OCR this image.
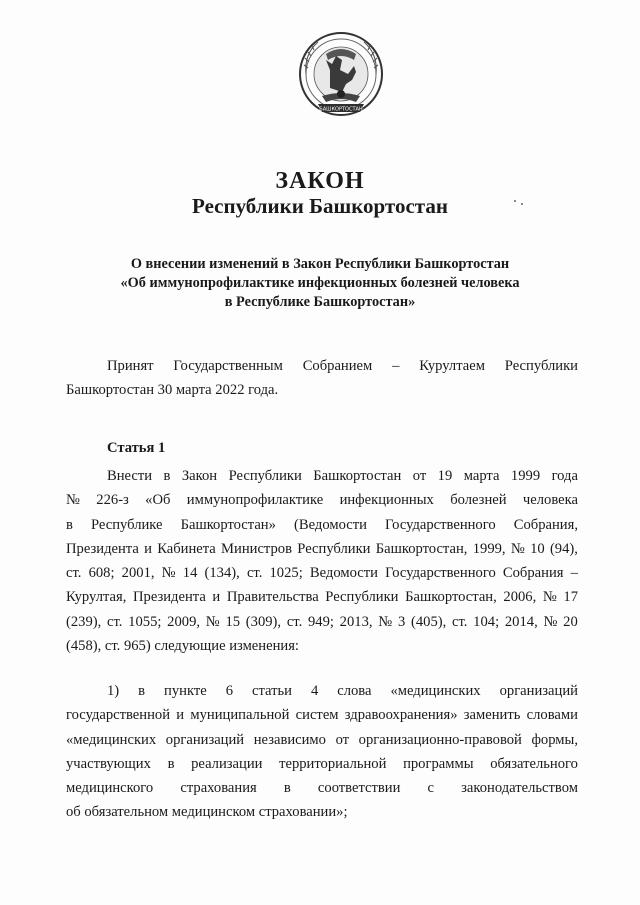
БАШКОРТОСТАН
ЗАКОН
Республики Башкортостан
О внесении изменений в Закон Республики Башкортостан
«Об иммунопрофилактике инфекционных болезней человека
в Республике Башкортостан»
Принят Государственным Собранием – Курултаем Республики
Башкортостан 30 марта 2022 года.
Статья 1
Внести в Закон Республики Башкортостан от 19 марта 1999 года
№ 226-з «Об иммунопрофилактике инфекционных болезней человека
в Республике Башкортостан» (Ведомости Государственного Собрания,
Президента и Кабинета Министров Республики Башкортостан, 1999, № 10 (94),
ст. 608; 2001, № 14 (134), ст. 1025; Ведомости Государственного Собрания –
Курултая, Президента и Правительства Республики Башкортостан, 2006, № 17
(239), ст. 1055; 2009, № 15 (309), ст. 949; 2013, № 3 (405), ст. 104; 2014, № 20
(458), ст. 965) следующие изменения:
1) в пункте 6 статьи 4 слова «медицинских организаций
государственной и муниципальной систем здравоохранения» заменить словами
«медицинских организаций независимо от организационно-правовой формы,
участвующих в реализации территориальной программы обязательного
медицинского страхования в соответствии с законодательством
об обязательном медицинском страховании»;
